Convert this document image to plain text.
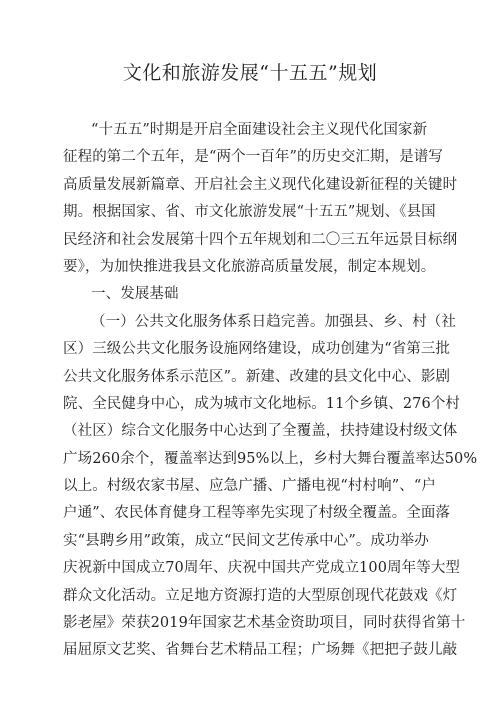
文化和旅游发展“十五五”规划
“十五五”时期是开启全面建设社会主义现代化国家新
征程的第二个五年，是“两个一百年”的历史交汇期，是谱写
高质量发展新篇章、开启社会主义现代化建设新征程的关键时
期。根据国家、省、市文化旅游发展“十五五”规划、《县国
民经济和社会发展第十四个五年规划和二〇三五年远景目标纲
要》，为加快推进我县文化旅游高质量发展，制定本规划。
一、发展基础
（一）公共文化服务体系日趋完善。加强县、乡、村（社
区）三级公共文化服务设施网络建设，成功创建为“省第三批
公共文化服务体系示范区”。新建、改建的县文化中心、影剧
院、全民健身中心，成为城市文化地标。11个乡镇、276个村
（社区）综合文化服务中心达到了全覆盖，扶持建设村级文体
广场260余个，覆盖率达到95%以上，乡村大舞台覆盖率达50%
以上。村级农家书屋、应急广播、广播电视“村村响”、“户
户通”、农民体育健身工程等率先实现了村级全覆盖。全面落
实“县聘乡用”政策，成立“民间文艺传承中心”。成功举办
庆祝新中国成立70周年、庆祝中国共产党成立100周年等大型
群众文化活动。立足地方资源打造的大型原创现代花鼓戏《灯
影老屋》荣获2019年国家艺术基金资助项目，同时获得省第十
届屈原文艺奖、省舞台艺术精品工程；广场舞《把把子鼓儿敲
